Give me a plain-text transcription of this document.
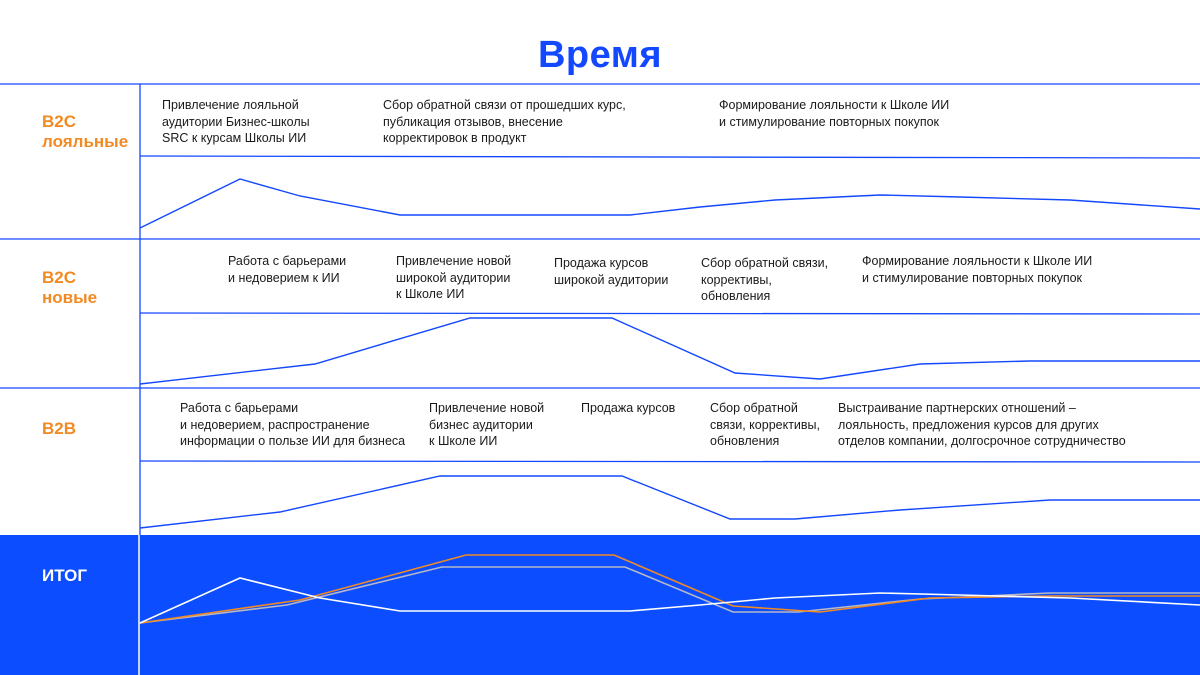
Время
B2C
лояльные
B2C
новые
B2B
ИТОГ
Привлечение лояльной
аудитории Бизнес-школы
SRC к курсам Школы ИИ
Сбор обратной связи от прошедших курс,
публикация отзывов, внесение
корректировок в продукт
Формирование лояльности к Школе ИИ
и стимулирование повторных покупок
Работа с барьерами
и недоверием к ИИ
Привлечение новой
широкой аудитории
к Школе ИИ
Продажа курсов
широкой аудитории
Сбор обратной связи,
коррективы,
обновления
Формирование лояльности к Школе ИИ
и стимулирование повторных покупок
Работа с барьерами
и недоверием, распространение
информации о пользе ИИ для бизнеса
Привлечение новой
бизнес аудитории
к Школе ИИ
Продажа курсов	Сбор обратной
связи, коррективы,
обновления
Выстраивание партнерских отношений –
лояльность, предложения курсов для других
отделов компании, долгосрочное сотрудничество
